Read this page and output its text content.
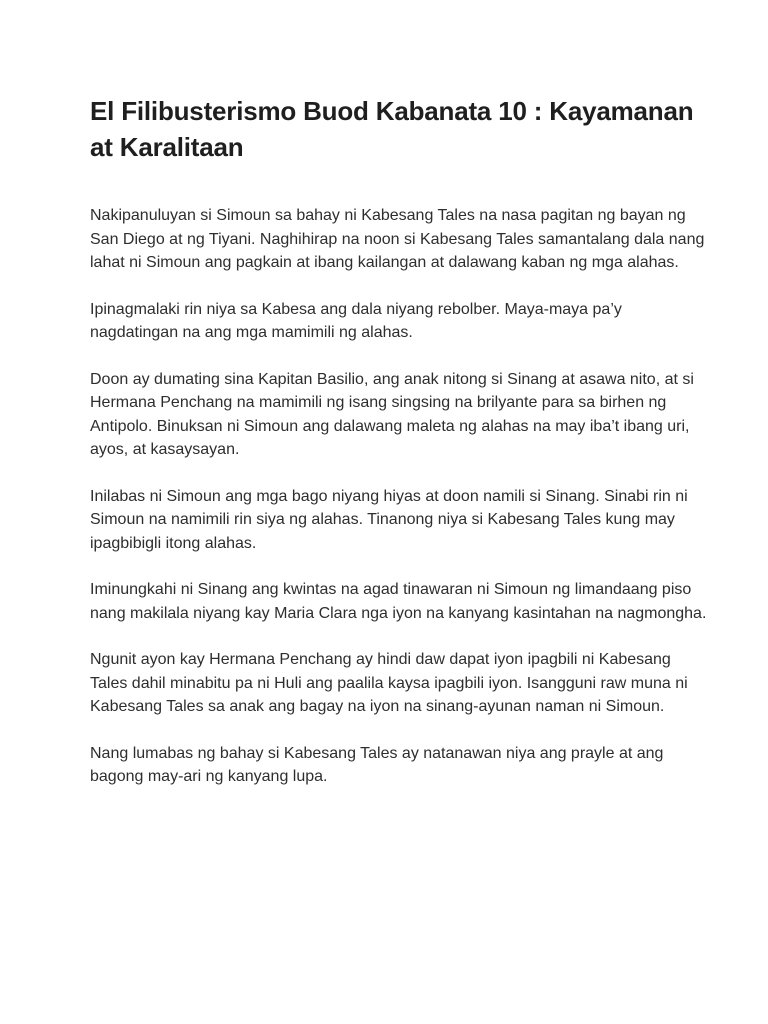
El Filibusterismo Buod Kabanata 10 : Kayamanan at Karalitaan

Nakipanuluyan si Simoun sa bahay ni Kabesang Tales na nasa pagitan ng bayan ng San Diego at ng Tiyani. Naghihirap na noon si Kabesang Tales samantalang dala nang lahat ni Simoun ang pagkain at ibang kailangan at dalawang kaban ng mga alahas.

Ipinagmalaki rin niya sa Kabesa ang dala niyang rebolber. Maya-maya pa’y nagdatingan na ang mga mamimili ng alahas.

Doon ay dumating sina Kapitan Basilio, ang anak nitong si Sinang at asawa nito, at si Hermana Penchang na mamimili ng isang singsing na brilyante para sa birhen ng Antipolo. Binuksan ni Simoun ang dalawang maleta ng alahas na may iba’t ibang uri, ayos, at kasaysayan.

Inilabas ni Simoun ang mga bago niyang hiyas at doon namili si Sinang. Sinabi rin ni Simoun na namimili rin siya ng alahas. Tinanong niya si Kabesang Tales kung may ipagbibigli itong alahas.

Iminungkahi ni Sinang ang kwintas na agad tinawaran ni Simoun ng limandaang piso nang makilala niyang kay Maria Clara nga iyon na kanyang kasintahan na nagmongha.

Ngunit ayon kay Hermana Penchang ay hindi daw dapat iyon ipagbili ni Kabesang Tales dahil minabitu pa ni Huli ang paalila kaysa ipagbili iyon. Isangguni raw muna ni Kabesang Tales sa anak ang bagay na iyon na sinang-ayunan naman ni Simoun.

Nang lumabas ng bahay si Kabesang Tales ay natanawan niya ang prayle at ang bagong may-ari ng kanyang lupa.
